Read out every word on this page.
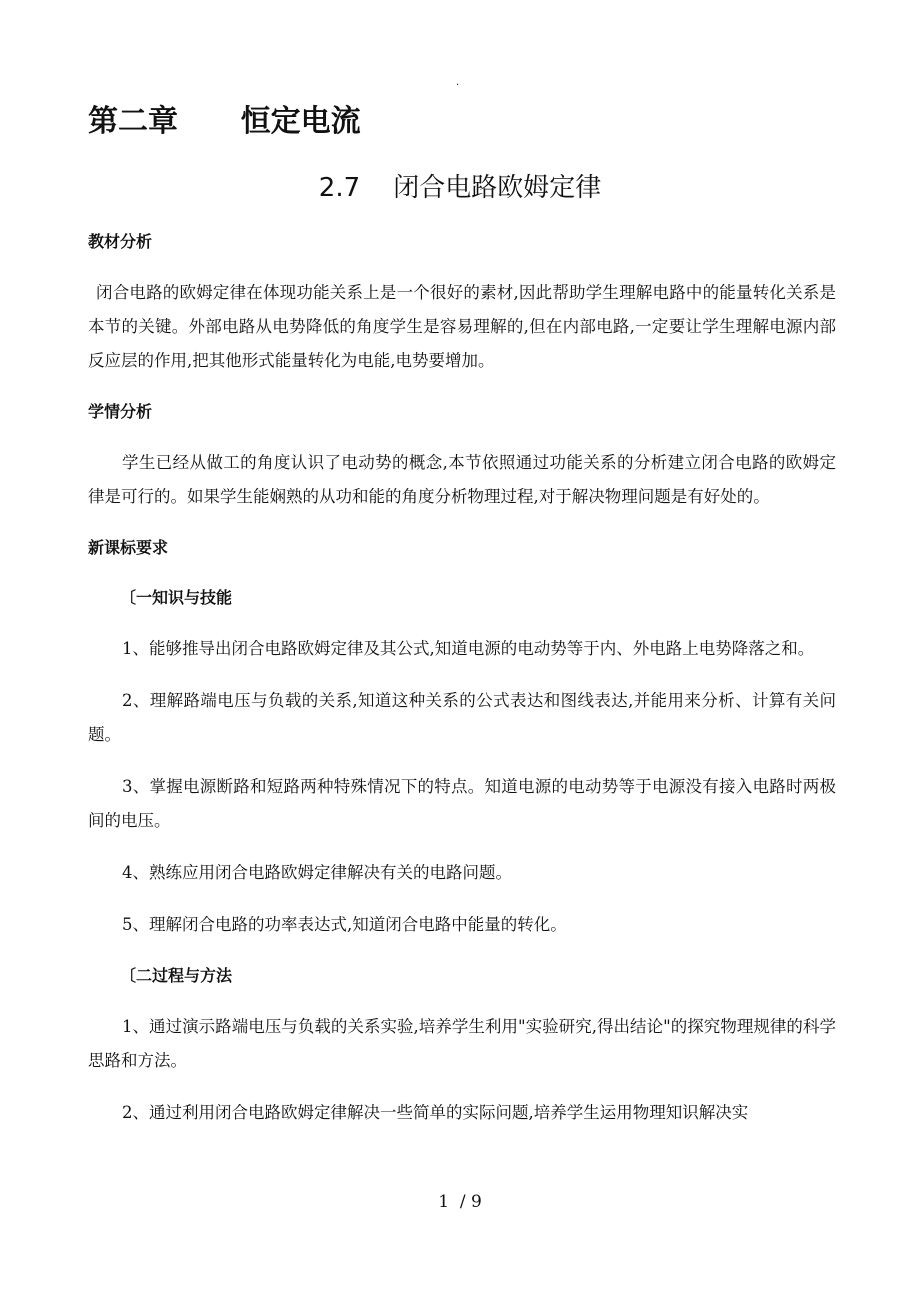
.
第二章      恒定电流
2.7    闭合电路欧姆定律

教材分析

闭合电路的欧姆定律在体现功能关系上是一个很好的素材,因此帮助学生理解电路中的能量转化关系是本节的关键。外部电路从电势降低的角度学生是容易理解的,但在内部电路,一定要让学生理解电源内部反应层的作用,把其他形式能量转化为电能,电势要增加。

学情分析

学生已经从做工的角度认识了电动势的概念,本节依照通过功能关系的分析建立闭合电路的欧姆定律是可行的。如果学生能娴熟的从功和能的角度分析物理过程,对于解决物理问题是有好处的。

新课标要求

〔一知识与技能

1、能够推导出闭合电路欧姆定律及其公式,知道电源的电动势等于内、外电路上电势降落之和。

2、理解路端电压与负载的关系,知道这种关系的公式表达和图线表达,并能用来分析、计算有关问题。

3、掌握电源断路和短路两种特殊情况下的特点。知道电源的电动势等于电源没有接入电路时两极间的电压。

4、熟练应用闭合电路欧姆定律解决有关的电路问题。

5、理解闭合电路的功率表达式,知道闭合电路中能量的转化。

〔二过程与方法

1、通过演示路端电压与负载的关系实验,培养学生利用"实验研究,得出结论"的探究物理规律的科学思路和方法。

2、通过利用闭合电路欧姆定律解决一些简单的实际问题,培养学生运用物理知识解决实

1  / 9
